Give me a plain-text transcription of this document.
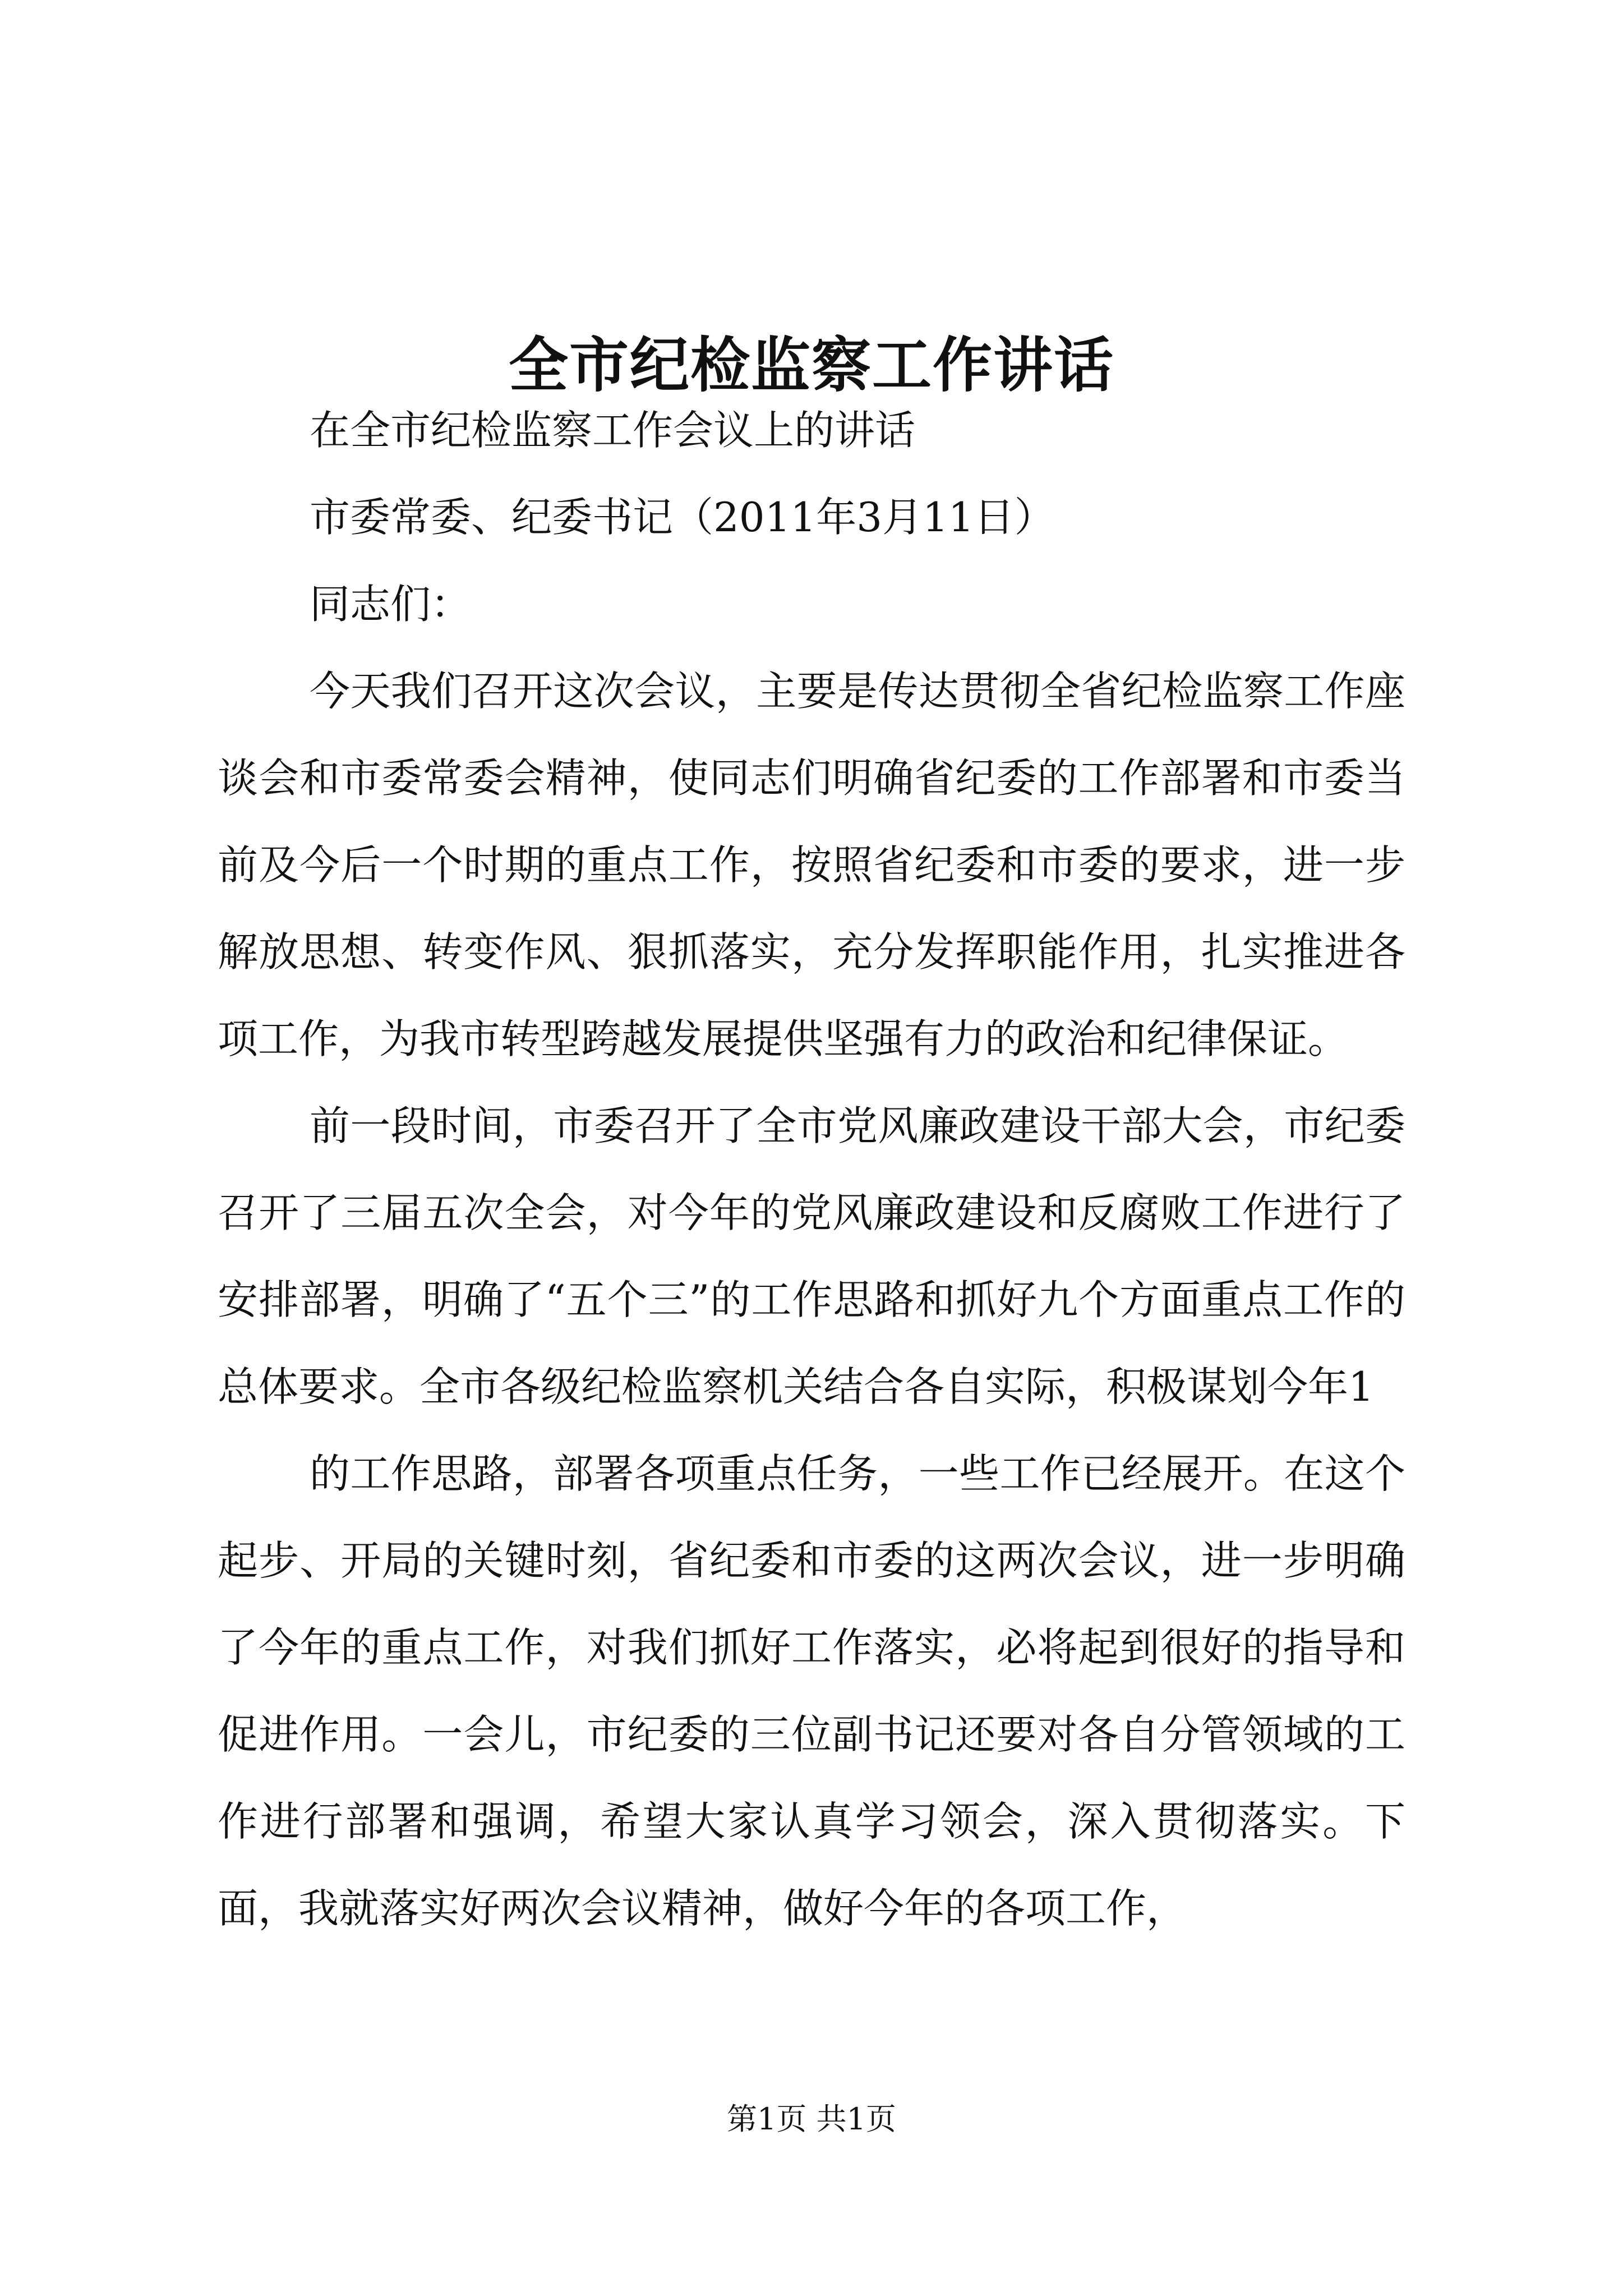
全市纪检监察工作讲话

在全市纪检监察工作会议上的讲话

市委常委、纪委书记（2011年3月11日）

同志们：

今天我们召开这次会议，主要是传达贯彻全省纪检监察工作座谈会和市委常委会精神，使同志们明确省纪委的工作部署和市委当前及今后一个时期的重点工作，按照省纪委和市委的要求，进一步解放思想、转变作风、狠抓落实，充分发挥职能作用，扎实推进各项工作，为我市转型跨越发展提供坚强有力的政治和纪律保证。

前一段时间，市委召开了全市党风廉政建设干部大会，市纪委召开了三届五次全会，对今年的党风廉政建设和反腐败工作进行了安排部署，明确了“五个三”的工作思路和抓好九个方面重点工作的总体要求。全市各级纪检监察机关结合各自实际，积极谋划今年1

的工作思路，部署各项重点任务，一些工作已经展开。在这个起步、开局的关键时刻，省纪委和市委的这两次会议，进一步明确了今年的重点工作，对我们抓好工作落实，必将起到很好的指导和促进作用。一会儿，市纪委的三位副书记还要对各自分管领域的工作进行部署和强调，希望大家认真学习领会，深入贯彻落实。下面，我就落实好两次会议精神，做好今年的各项工作，

第1页 共1页
